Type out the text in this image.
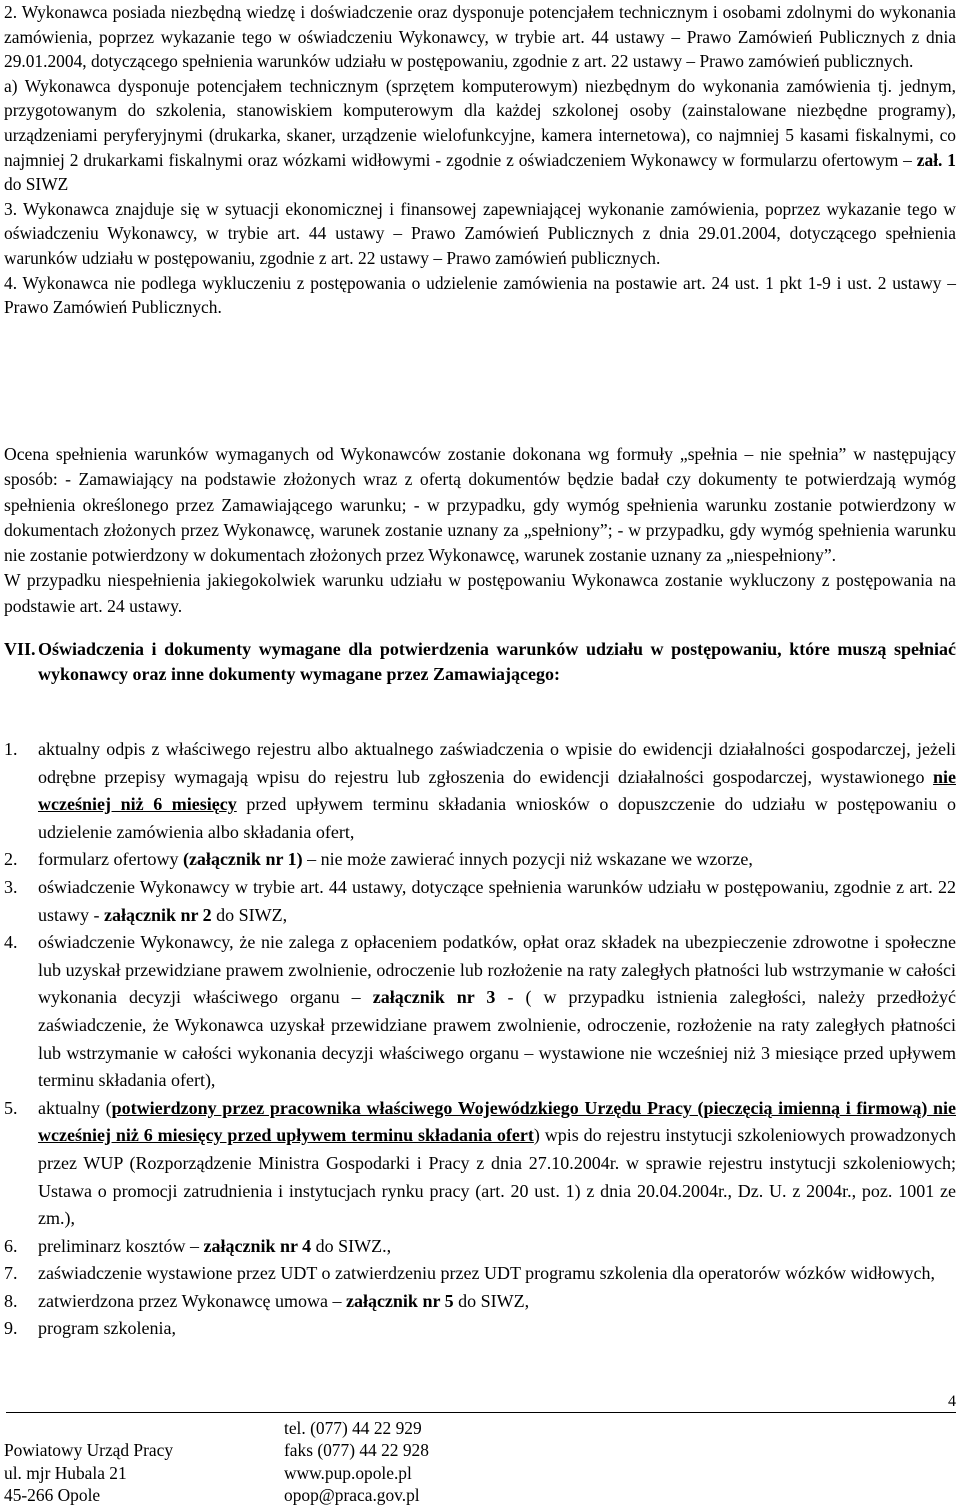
2. Wykonawca posiada niezbędną wiedzę i doświadczenie oraz dysponuje potencjałem technicznym i osobami zdolnymi do wykonania zamówienia, poprzez wykazanie tego w oświadczeniu Wykonawcy, w trybie art. 44 ustawy – Prawo Zamówień Publicznych z dnia 29.01.2004, dotyczącego spełnienia warunków udziału w postępowaniu, zgodnie z art. 22 ustawy – Prawo zamówień publicznych.

a) Wykonawca dysponuje potencjałem technicznym (sprzętem komputerowym) niezbędnym do wykonania zamówienia tj. jednym, przygotowanym do szkolenia, stanowiskiem komputerowym dla każdej szkolonej osoby (zainstalowane niezbędne programy), urządzeniami peryferyjnymi (drukarka, skaner, urządzenie wielofunkcyjne, kamera internetowa), co najmniej 5 kasami fiskalnymi, co najmniej 2 drukarkami fiskalnymi oraz wózkami widłowymi - zgodnie z oświadczeniem Wykonawcy w formularzu ofertowym – zał. 1 do SIWZ

3. Wykonawca znajduje się w sytuacji ekonomicznej i finansowej zapewniającej wykonanie zamówienia, poprzez wykazanie tego w oświadczeniu Wykonawcy, w trybie art. 44 ustawy – Prawo Zamówień Publicznych z dnia 29.01.2004, dotyczącego spełnienia warunków udziału w postępowaniu, zgodnie z art. 22 ustawy – Prawo zamówień publicznych.

4. Wykonawca nie podlega wykluczeniu z postępowania o udzielenie zamówienia na postawie art. 24 ust. 1 pkt 1-9 i ust. 2 ustawy – Prawo Zamówień Publicznych.

Ocena spełnienia warunków wymaganych od Wykonawców zostanie dokonana wg formuły „spełnia – nie spełnia” w następujący sposób: - Zamawiający na podstawie złożonych wraz z ofertą dokumentów będzie badał czy dokumenty te potwierdzają wymóg spełnienia określonego przez Zamawiającego warunku; - w przypadku, gdy wymóg spełnienia warunku zostanie potwierdzony w dokumentach złożonych przez Wykonawcę, warunek zostanie uznany za „spełniony”; - w przypadku, gdy wymóg spełnienia warunku nie zostanie potwierdzony w dokumentach złożonych przez Wykonawcę, warunek zostanie uznany za „niespełniony”.

W przypadku niespełnienia jakiegokolwiek warunku udziału w postępowaniu Wykonawca zostanie wykluczony z postępowania na podstawie art. 24 ustawy.

VII. Oświadczenia i dokumenty wymagane dla potwierdzenia warunków udziału w postępowaniu, które muszą spełniać wykonawcy oraz inne dokumenty wymagane przez Zamawiającego:
1. aktualny odpis z właściwego rejestru albo aktualnego zaświadczenia o wpisie do ewidencji działalności gospodarczej, jeżeli odrębne przepisy wymagają wpisu do rejestru lub zgłoszenia do ewidencji działalności gospodarczej, wystawionego nie wcześniej niż 6 miesięcy przed upływem terminu składania wniosków o dopuszczenie do udziału w postępowaniu o udzielenie zamówienia albo składania ofert,
2. formularz ofertowy (załącznik nr 1) – nie może zawierać innych pozycji niż wskazane we wzorze,
3. oświadczenie Wykonawcy w trybie art. 44 ustawy, dotyczące spełnienia warunków udziału w postępowaniu, zgodnie z art. 22 ustawy - załącznik nr 2 do SIWZ,
4. oświadczenie Wykonawcy, że nie zalega z opłaceniem podatków, opłat oraz składek na ubezpieczenie zdrowotne i społeczne lub uzyskał przewidziane prawem zwolnienie, odroczenie lub rozłożenie na raty zaległych płatności lub wstrzymanie w całości wykonania decyzji właściwego organu – załącznik nr 3 - ( w przypadku istnienia zaległości, należy przedłożyć zaświadczenie, że Wykonawca uzyskał przewidziane prawem zwolnienie, odroczenie, rozłożenie na raty zaległych płatności lub wstrzymanie w całości wykonania decyzji właściwego organu – wystawione nie wcześniej niż 3 miesiące przed upływem terminu składania ofert),
5. aktualny (potwierdzony przez pracownika właściwego Wojewódzkiego Urzędu Pracy (pieczęcią imienną i firmową) nie wcześniej niż 6 miesięcy przed upływem terminu składania ofert) wpis do rejestru instytucji szkoleniowych prowadzonych przez WUP (Rozporządzenie Ministra Gospodarki i Pracy z dnia 27.10.2004r. w sprawie rejestru instytucji szkoleniowych; Ustawa o promocji zatrudnienia i instytucjach rynku pracy (art. 20 ust. 1) z dnia 20.04.2004r., Dz. U. z 2004r., poz. 1001 ze zm.),
6. preliminarz kosztów – załącznik nr 4 do SIWZ.,
7. zaświadczenie wystawione przez UDT o zatwierdzeniu przez UDT programu szkolenia dla operatorów wózków widłowych,
8. zatwierdzona przez Wykonawcę umowa – załącznik nr 5 do SIWZ,
9. program szkolenia,
4

Powiatowy Urząd Pracy
ul. mjr Hubala 21
45-266 Opole
tel. (077) 44 22 929
faks (077) 44 22 928
www.pup.opole.pl
opop@praca.gov.pl
